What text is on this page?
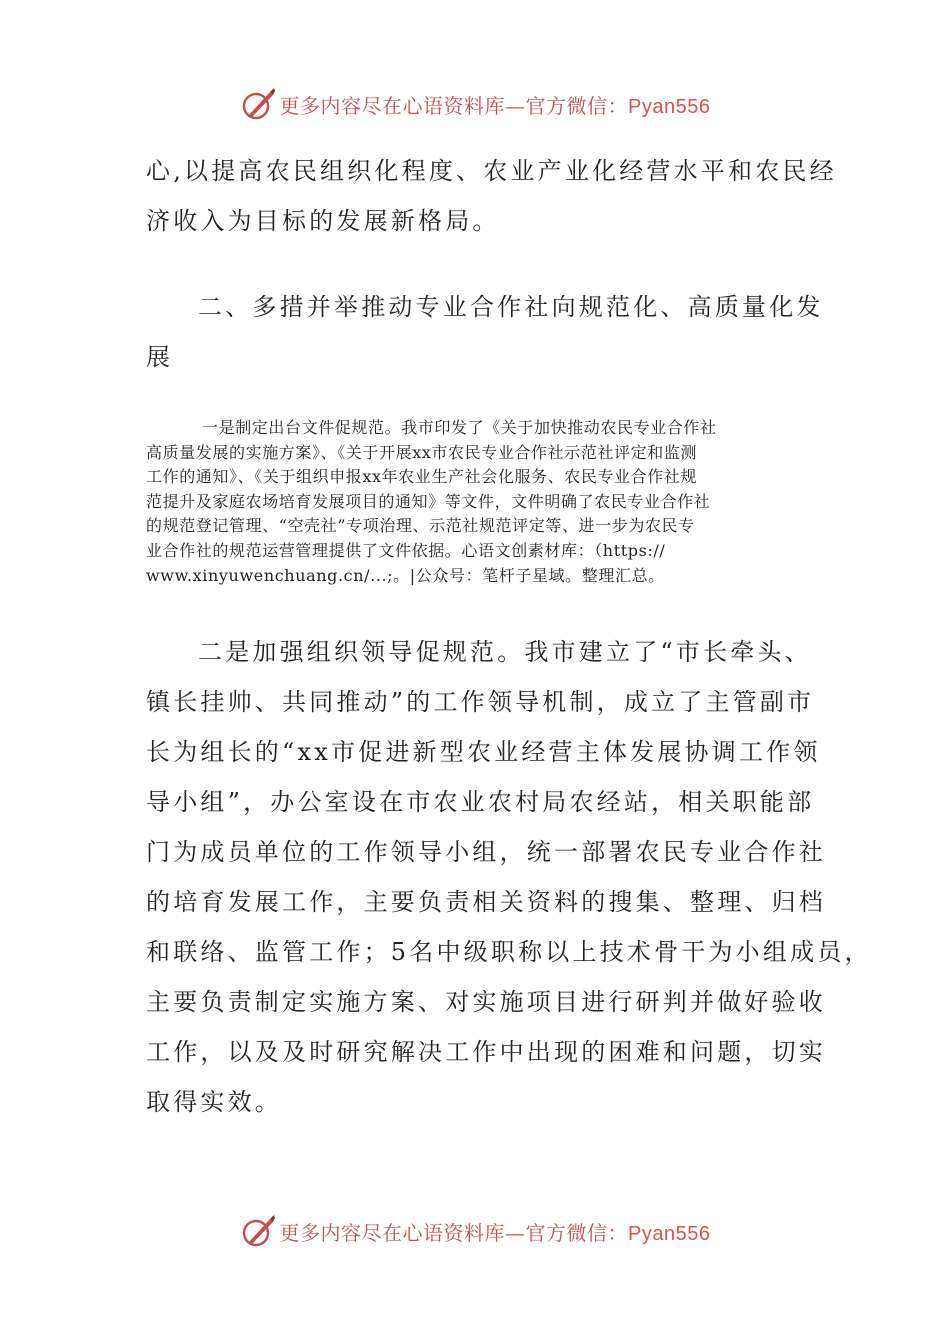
更多内容尽在心语资料库—官方微信：Pyan556
心,以提高农民组织化程度、农业产业化经营水平和农民经
济收入为目标的发展新格局。
二、多措并举推动专业合作社向规范化、高质量化发
展
一是制定出台文件促规范。我市印发了《关于加快推动农民专业合作社
高质量发展的实施方案》、《关于开展xx市农民专业合作社示范社评定和监测
工作的通知》、《关于组织申报xx年农业生产社会化服务、农民专业合作社规
范提升及家庭农场培育发展项目的通知》等文件，文件明确了农民专业合作社
的规范登记管理、“空壳社”专项治理、示范社规范评定等、进一步为农民专
业合作社的规范运营管理提供了文件依据。心语文创素材库：（https://
www.xinyuwenchuang.cn/...;。|公众号：笔杆子星域。整理汇总。
二是加强组织领导促规范。我市建立了“市长牵头、
镇长挂帅、共同推动”的工作领导机制，成立了主管副市
长为组长的“xx市促进新型农业经营主体发展协调工作领
导小组”，办公室设在市农业农村局农经站，相关职能部
门为成员单位的工作领导小组，统一部署农民专业合作社
的培育发展工作，主要负责相关资料的搜集、整理、归档
和联络、监管工作；5名中级职称以上技术骨干为小组成员，
主要负责制定实施方案、对实施项目进行研判并做好验收
工作，以及及时研究解决工作中出现的困难和问题，切实
取得实效。
更多内容尽在心语资料库—官方微信：Pyan556
